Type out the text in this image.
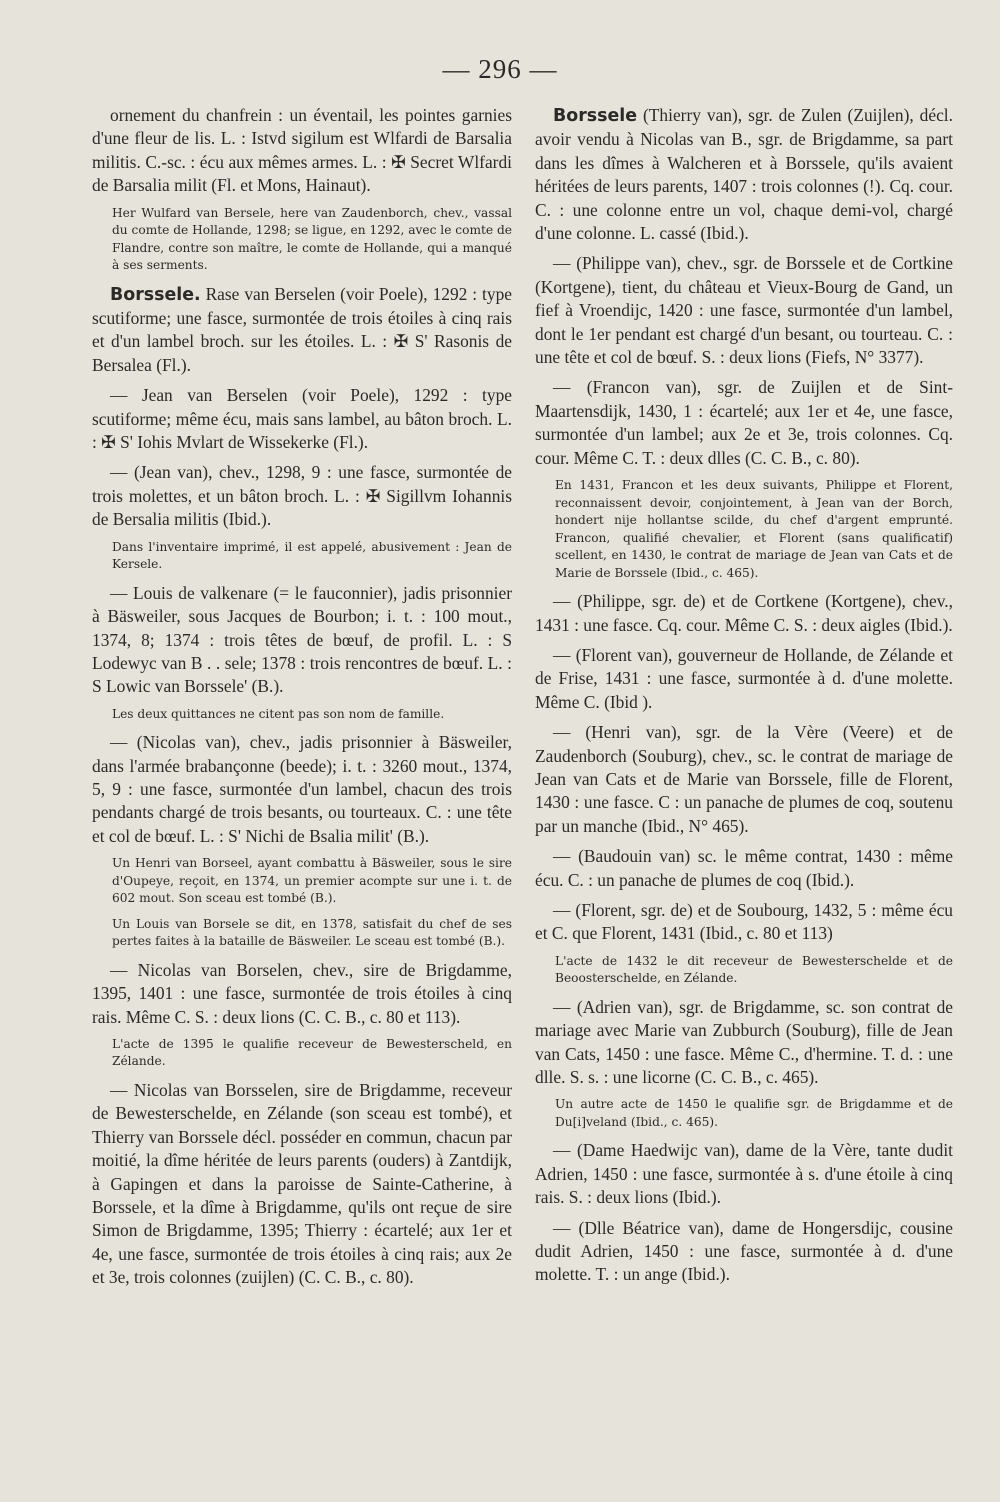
— 296 —

ornement du chanfrein : un éventail, les pointes garnies d'une fleur de lis. L. : Istvd sigilum est Wlfardi de Barsalia militis. C.-sc. : écu aux mêmes armes. L. : ✠ Secret Wlfardi de Barsalia milit (Fl. et Mons, Hainaut).

Her Wulfard van Bersele, here van Zaudenborch, chev., vassal du comte de Hollande, 1298; se ligue, en 1292, avec le comte de Flandre, contre son maître, le comte de Hollande, qui a manqué à ses serments.

Borssele. Rase van Berselen (voir Poele), 1292 : type scutiforme; une fasce, surmontée de trois étoiles à cinq rais et d'un lambel broch. sur les étoiles. L. : ✠ S' Rasonis de Bersalea (Fl.).

— Jean van Berselen (voir Poele), 1292 : type scutiforme; même écu, mais sans lambel, au bâton broch. L. : ✠ S' Iohis Mvlart de Wissekerke (Fl.).

— (Jean van), chev., 1298, 9 : une fasce, surmontée de trois molettes, et un bâton broch. L. : ✠ Sigillvm Iohannis de Bersalia militis (Ibid.).

Dans l'inventaire imprimé, il est appelé, abusivement : Jean de Kersele.

— Louis de valkenare (= le fauconnier), jadis prisonnier à Bäsweiler, sous Jacques de Bourbon; i. t. : 100 mout., 1374, 8; 1374 : trois têtes de bœuf, de profil. L. : S Lodewyc van B . . sele; 1378 : trois rencontres de bœuf. L. : S Lowic van Borssele' (B.).

Les deux quittances ne citent pas son nom de famille.

— (Nicolas van), chev., jadis prisonnier à Bäsweiler, dans l'armée brabançonne (beede); i. t. : 3260 mout., 1374, 5, 9 : une fasce, surmontée d'un lambel, chacun des trois pendants chargé de trois besants, ou tourteaux. C. : une tête et col de bœuf. L. : S' Nichi de Bsalia milit' (B.).

Un Henri van Borseel, ayant combattu à Bäsweiler, sous le sire d'Oupeye, reçoit, en 1374, un premier acompte sur une i. t. de 602 mout. Son sceau est tombé (B.).

Un Louis van Borsele se dit, en 1378, satisfait du chef de ses pertes faites à la bataille de Bäsweiler. Le sceau est tombé (B.).

— Nicolas van Borselen, chev., sire de Brigdamme, 1395, 1401 : une fasce, surmontée de trois étoiles à cinq rais. Même C. S. : deux lions (C. C. B., c. 80 et 113).

L'acte de 1395 le qualifie receveur de Bewesterscheld, en Zélande.

— Nicolas van Borsselen, sire de Brigdamme, receveur de Bewesterschelde, en Zélande (son sceau est tombé), et Thierry van Borssele décl. posséder en commun, chacun par moitié, la dîme héritée de leurs parents (ouders) à Zantdijk, à Gapingen et dans la paroisse de Sainte-Catherine, à Borssele, et la dîme à Brigdamme, qu'ils ont reçue de sire Simon de Brigdamme, 1395; Thierry : écartelé; aux 1er et 4e, une fasce, surmontée de trois étoiles à cinq rais; aux 2e et 3e, trois colonnes (zuijlen) (C. C. B., c. 80).

Borssele (Thierry van), sgr. de Zulen (Zuijlen), décl. avoir vendu à Nicolas van B., sgr. de Brigdamme, sa part dans les dîmes à Walcheren et à Borssele, qu'ils avaient héritées de leurs parents, 1407 : trois colonnes (!). Cq. cour. C. : une colonne entre un vol, chaque demi-vol, chargé d'une colonne. L. cassé (Ibid.).

— (Philippe van), chev., sgr. de Borssele et de Cortkine (Kortgene), tient, du château et Vieux-Bourg de Gand, un fief à Vroendijc, 1420 : une fasce, surmontée d'un lambel, dont le 1er pendant est chargé d'un besant, ou tourteau. C. : une tête et col de bœuf. S. : deux lions (Fiefs, N° 3377).

— (Francon van), sgr. de Zuijlen et de Sint-Maartensdijk, 1430, 1 : écartelé; aux 1er et 4e, une fasce, surmontée d'un lambel; aux 2e et 3e, trois colonnes. Cq. cour. Même C. T. : deux dlles (C. C. B., c. 80).

En 1431, Francon et les deux suivants, Philippe et Florent, reconnaissent devoir, conjointement, à Jean van der Borch, hondert nije hollantse scilde, du chef d'argent emprunté. Francon, qualifié chevalier, et Florent (sans qualificatif) scellent, en 1430, le contrat de mariage de Jean van Cats et de Marie de Borssele (Ibid., c. 465).

— (Philippe, sgr. de) et de Cortkene (Kortgene), chev., 1431 : une fasce. Cq. cour. Même C. S. : deux aigles (Ibid.).

— (Florent van), gouverneur de Hollande, de Zélande et de Frise, 1431 : une fasce, surmontée à d. d'une molette. Même C. (Ibid ).

— (Henri van), sgr. de la Vère (Veere) et de Zaudenborch (Souburg), chev., sc. le contrat de mariage de Jean van Cats et de Marie van Borssele, fille de Florent, 1430 : une fasce. C : un panache de plumes de coq, soutenu par un manche (Ibid., N° 465).

— (Baudouin van) sc. le même contrat, 1430 : même écu. C. : un panache de plumes de coq (Ibid.).

— (Florent, sgr. de) et de Soubourg, 1432, 5 : même écu et C. que Florent, 1431 (Ibid., c. 80 et 113)

L'acte de 1432 le dit receveur de Bewesterschelde et de Beoosterschelde, en Zélande.

— (Adrien van), sgr. de Brigdamme, sc. son contrat de mariage avec Marie van Zubburch (Souburg), fille de Jean van Cats, 1450 : une fasce. Même C., d'hermine. T. d. : une dlle. S. s. : une licorne (C. C. B., c. 465).

Un autre acte de 1450 le qualifie sgr. de Brigdamme et de Du[i]veland (Ibid., c. 465).

— (Dame Haedwijc van), dame de la Vère, tante dudit Adrien, 1450 : une fasce, surmontée à s. d'une étoile à cinq rais. S. : deux lions (Ibid.).

— (Dlle Béatrice van), dame de Hongersdijc, cousine dudit Adrien, 1450 : une fasce, surmontée à d. d'une molette. T. : un ange (Ibid.).
